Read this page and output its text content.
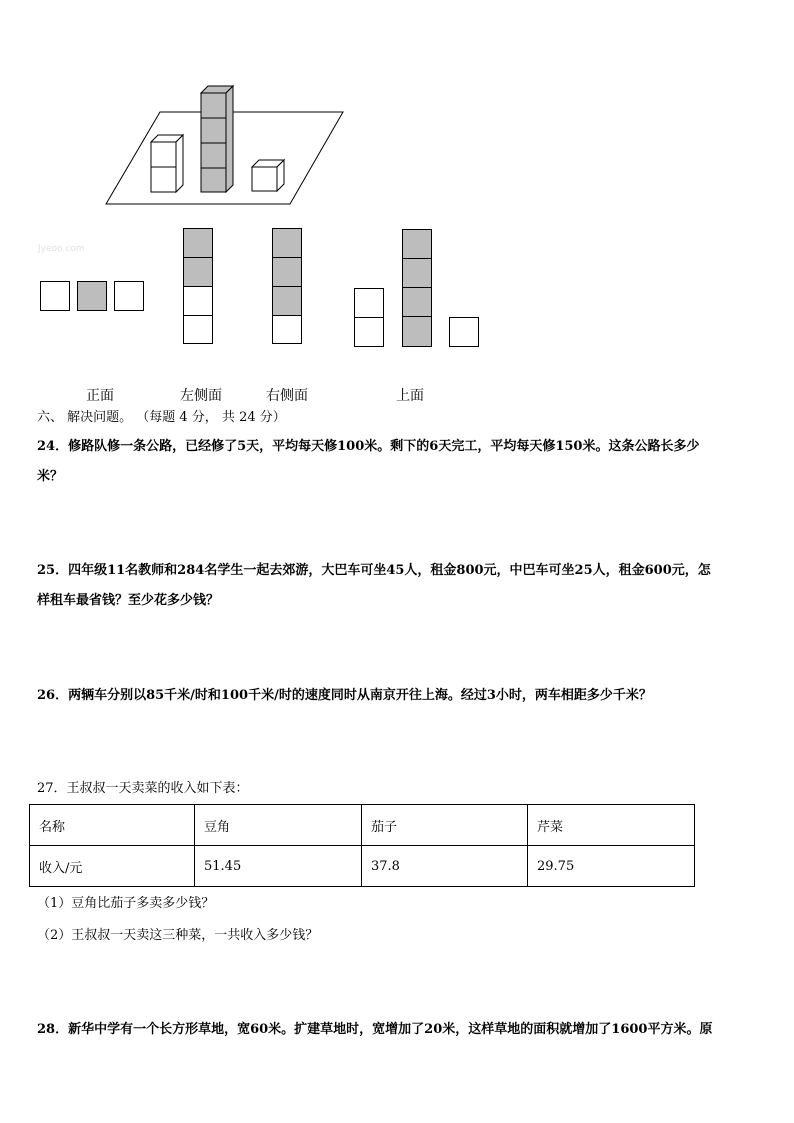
Jyeoo.com
正面	左侧面	右侧面	上面
六、 解决问题。 （每题 4 分， 共 24 分）
24．修路队修一条公路，已经修了5天，平均每天修100米。剩下的6天完工，平均每天修150米。这条公路长多少
米？
25．四年级11名教师和284名学生一起去郊游，大巴车可坐45人，租金800元，中巴车可坐25人，租金600元，怎
样租车最省钱？至少花多少钱？
26．两辆车分别以85千米/时和100千米/时的速度同时从南京开往上海。经过3小时，两车相距多少千米？
27．王叔叔一天卖菜的收入如下表：
名称	豆角	茄子	芹菜
收入/元	51.45	37.8	29.75
（1）豆角比茄子多卖多少钱？
（2）王叔叔一天卖这三种菜，一共收入多少钱？
28．新华中学有一个长方形草地，宽60米。扩建草地时，宽增加了20米，这样草地的面积就增加了1600平方米。原
